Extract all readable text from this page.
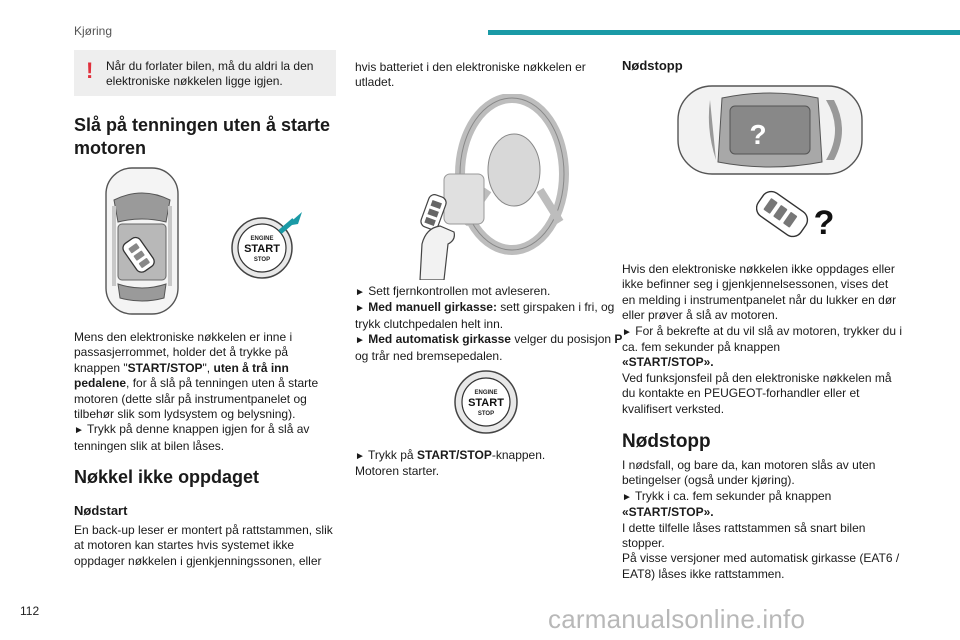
Kjøring
! Når du forlater bilen, må du aldri la den elektroniske nøkkelen ligge igjen.
Slå på tenningen uten å starte motoren
ENGINE
START
STOP
Mens den elektroniske nøkkelen er inne i passasjerrommet, holder det å trykke på knappen "START/STOP", uten å trå inn pedalene, for å slå på tenningen uten å starte motoren (dette slår på instrumentpanelet og tilbehør slik som lydsystem og belysning).
► Trykk på denne knappen igjen for å slå av tenningen slik at bilen låses.
Nøkkel ikke oppdaget
Nødstart
En back-up leser er montert på rattstammen, slik at motoren kan startes hvis systemet ikke oppdager nøkkelen i gjenkjenningssonen, eller
hvis batteriet i den elektroniske nøkkelen er utladet.
► Sett fjernkontrollen mot avleseren.
► Med manuell girkasse: sett girspaken i fri, og trykk clutchpedalen helt inn.
► Med automatisk girkasse velger du posisjon P og trår ned bremsepedalen.
ENGINE
START
STOP
► Trykk på START/STOP-knappen.
Motoren starter.
Nødstopp
?
?
Hvis den elektroniske nøkkelen ikke oppdages eller ikke befinner seg i gjenkjennelsessonen, vises det en melding i instrumentpanelet når du lukker en dør eller prøver å slå av motoren.
► For å bekrefte at du vil slå av motoren, trykker du i ca. fem sekunder på knappen
«START/STOP».
Ved funksjonsfeil på den elektroniske nøkkelen må du kontakte en PEUGEOT-forhandler eller et kvalifisert verksted.
Nødstopp
I nødsfall, og bare da, kan motoren slås av uten betingelser (også under kjøring).
► Trykk i ca. fem sekunder på knappen
«START/STOP».
I dette tilfelle låses rattstammen så snart bilen stopper.
På visse versjoner med automatisk girkasse (EAT6 / EAT8) låses ikke rattstammen.
112	carmanualsonline.info
